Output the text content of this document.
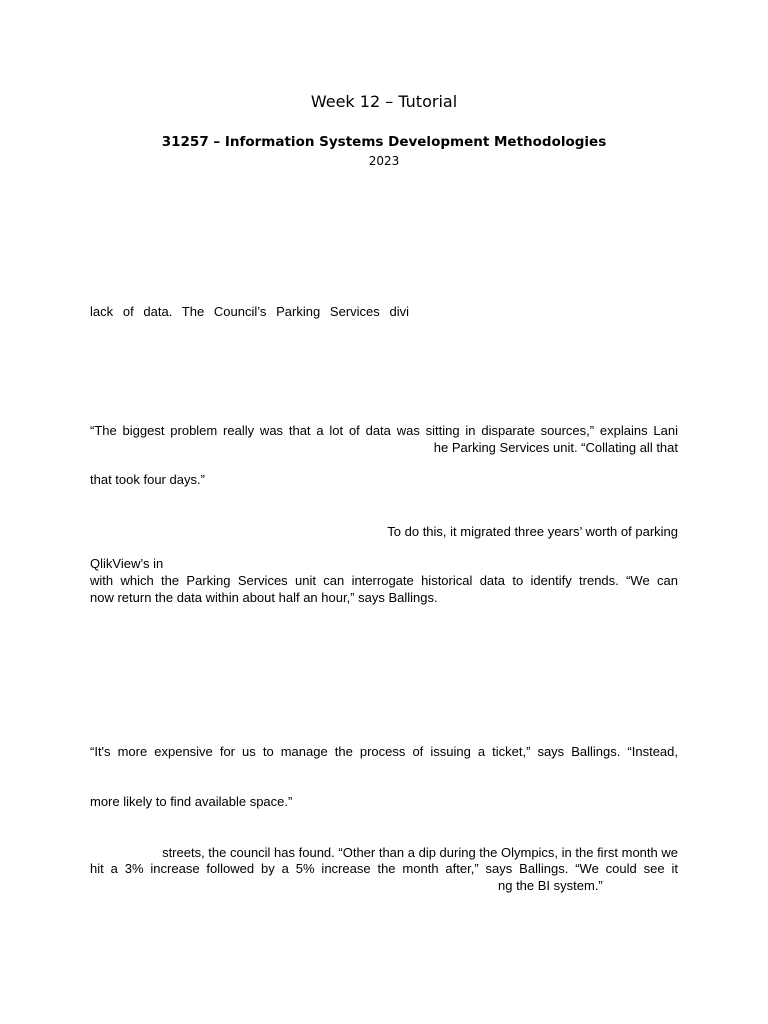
Week 12 – Tutorial
31257 – Information Systems Development Methodologies
2023
lack of data. The Council’s Parking Services divi
“The biggest problem really was that a lot of data was sitting in disparate sources,” explains Lani
he Parking Services unit. “Collating all that
that took four days.”
To do this, it migrated three years’ worth of parking
QlikView’s in
with which the Parking Services unit can interrogate historical data to identify trends. “We can
now return the data within about half an hour,” says Ballings.
“It's more expensive for us to manage the process of issuing a ticket,” says Ballings. “Instead,
more likely to find available space.”
streets, the council has found. “Other than a dip during the Olympics, in the first month we
hit a 3% increase followed by a 5% increase the month after,” says Ballings. “We could see it
ng the BI system.”
